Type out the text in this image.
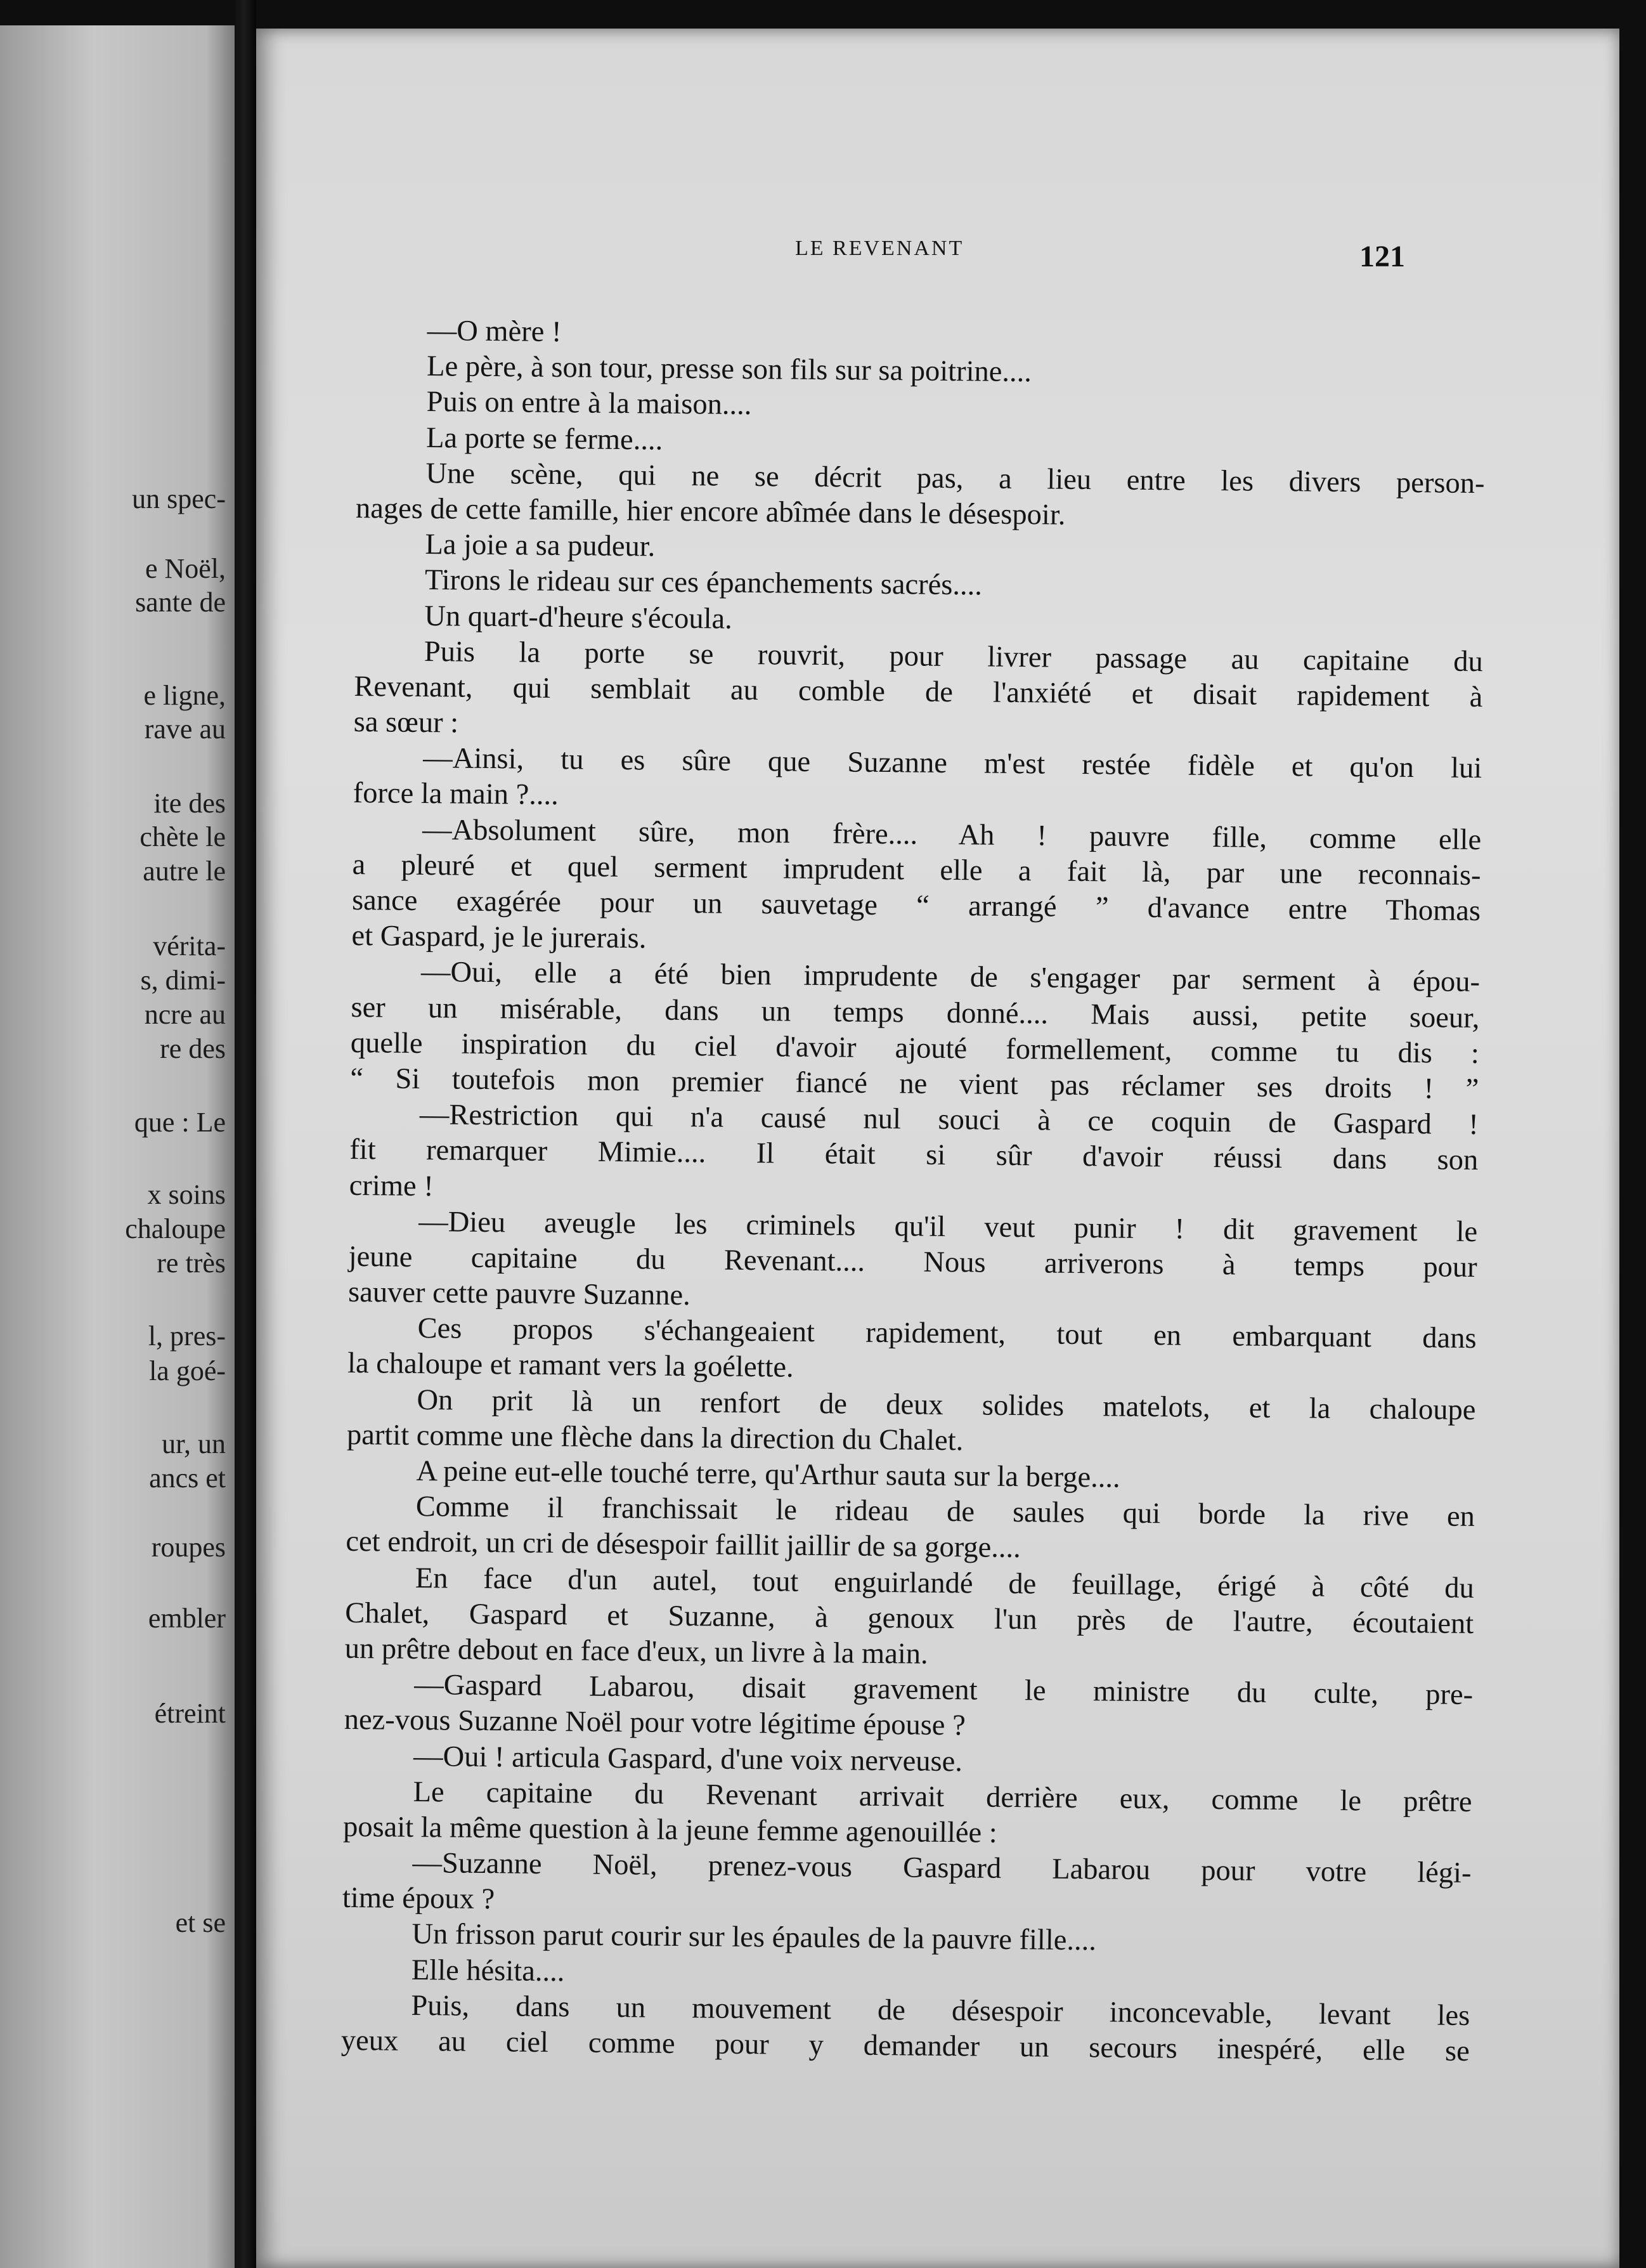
un spec-
e Noël,
sante de
e ligne,
rave au
ite des
chète le
autre le
vérita-
s, dimi-
ncre au
re des
que : Le
x soins
chaloupe
re très
l, pres-
la goé-
ur, un
ancs et
roupes
embler
étreint
et se
LE REVENANT	121
—O mère !
Le père, à son tour, presse son fils sur sa poitrine....
Puis on entre à la maison....
La porte se ferme....
Une scène, qui ne se décrit pas, a lieu entre les divers person-
nages de cette famille, hier encore abîmée dans le désespoir.
La joie a sa pudeur.
Tirons le rideau sur ces épanchements sacrés....
Un quart-d'heure s'écoula.
Puis la porte se rouvrit, pour livrer passage au capitaine du
Revenant, qui semblait au comble de l'anxiété et disait rapidement à
sa sœur :
—Ainsi, tu es sûre que Suzanne m'est restée fidèle et qu'on lui
force la main ?....
—Absolument sûre, mon frère.... Ah ! pauvre fille, comme elle
a pleuré et quel serment imprudent elle a fait là, par une reconnais-
sance exagérée pour un sauvetage “ arrangé ” d'avance entre Thomas
et Gaspard, je le jurerais.
—Oui, elle a été bien imprudente de s'engager par serment à épou-
ser un misérable, dans un temps donné.... Mais aussi, petite soeur,
quelle inspiration du ciel d'avoir ajouté formellement, comme tu dis :
“ Si toutefois mon premier fiancé ne vient pas réclamer ses droits ! ”
—Restriction qui n'a causé nul souci à ce coquin de Gaspard !
fit remarquer Mimie.... Il était si sûr d'avoir réussi dans son
crime !
—Dieu aveugle les criminels qu'il veut punir ! dit gravement le
jeune capitaine du Revenant.... Nous arriverons à temps pour
sauver cette pauvre Suzanne.
Ces propos s'échangeaient rapidement, tout en embarquant dans
la chaloupe et ramant vers la goélette.
On prit là un renfort de deux solides matelots, et la chaloupe
partit comme une flèche dans la direction du Chalet.
A peine eut-elle touché terre, qu'Arthur sauta sur la berge....
Comme il franchissait le rideau de saules qui borde la rive en
cet endroit, un cri de désespoir faillit jaillir de sa gorge....
En face d'un autel, tout enguirlandé de feuillage, érigé à côté du
Chalet, Gaspard et Suzanne, à genoux l'un près de l'autre, écoutaient
un prêtre debout en face d'eux, un livre à la main.
—Gaspard Labarou, disait gravement le ministre du culte, pre-
nez-vous Suzanne Noël pour votre légitime épouse ?
—Oui ! articula Gaspard, d'une voix nerveuse.
Le capitaine du Revenant arrivait derrière eux, comme le prêtre
posait la même question à la jeune femme agenouillée :
—Suzanne Noël, prenez-vous Gaspard Labarou pour votre légi-
time époux ?
Un frisson parut courir sur les épaules de la pauvre fille....
Elle hésita....
Puis, dans un mouvement de désespoir inconcevable, levant les
yeux au ciel comme pour y demander un secours inespéré, elle se
